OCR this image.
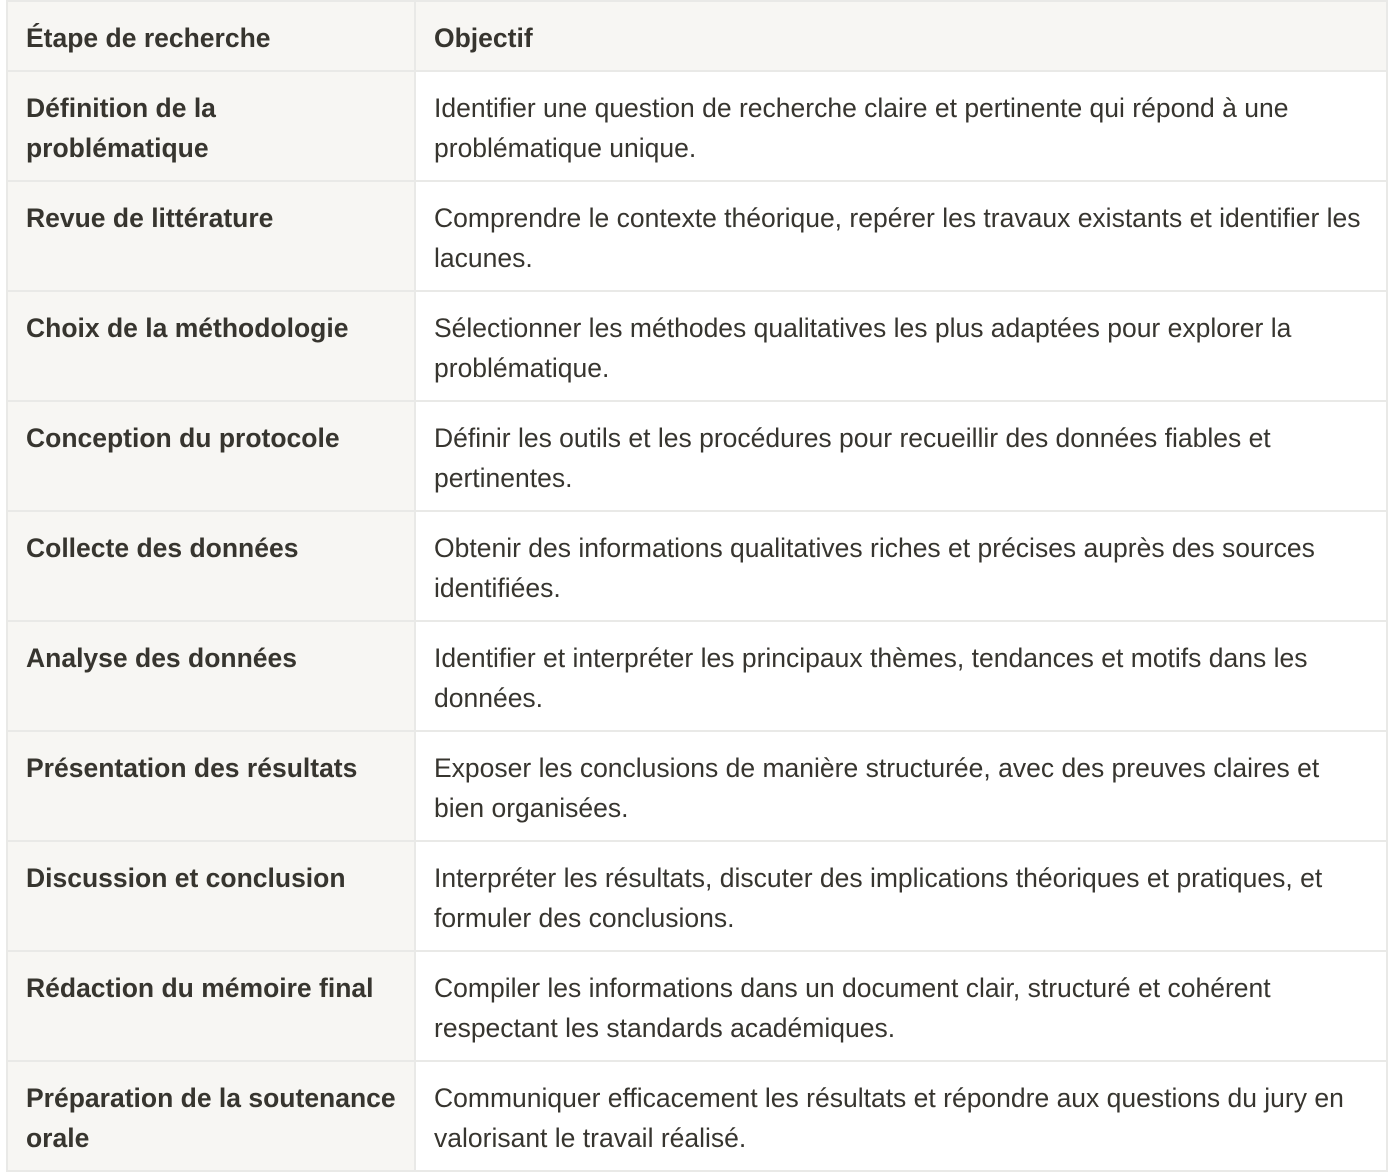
Étape de recherche	Objectif
Définition de la problématique	Identifier une question de recherche claire et pertinente qui répond à une problématique unique.
Revue de littérature	Comprendre le contexte théorique, repérer les travaux existants et identifier les lacunes.
Choix de la méthodologie	Sélectionner les méthodes qualitatives les plus adaptées pour explorer la problématique.
Conception du protocole	Définir les outils et les procédures pour recueillir des données fiables et pertinentes.
Collecte des données	Obtenir des informations qualitatives riches et précises auprès des sources identifiées.
Analyse des données	Identifier et interpréter les principaux thèmes, tendances et motifs dans les données.
Présentation des résultats	Exposer les conclusions de manière structurée, avec des preuves claires et bien organisées.
Discussion et conclusion	Interpréter les résultats, discuter des implications théoriques et pratiques, et formuler des conclusions.
Rédaction du mémoire final	Compiler les informations dans un document clair, structuré et cohérent respectant les standards académiques.
Préparation de la soutenance orale	Communiquer efficacement les résultats et répondre aux questions du jury en valorisant le travail réalisé.
